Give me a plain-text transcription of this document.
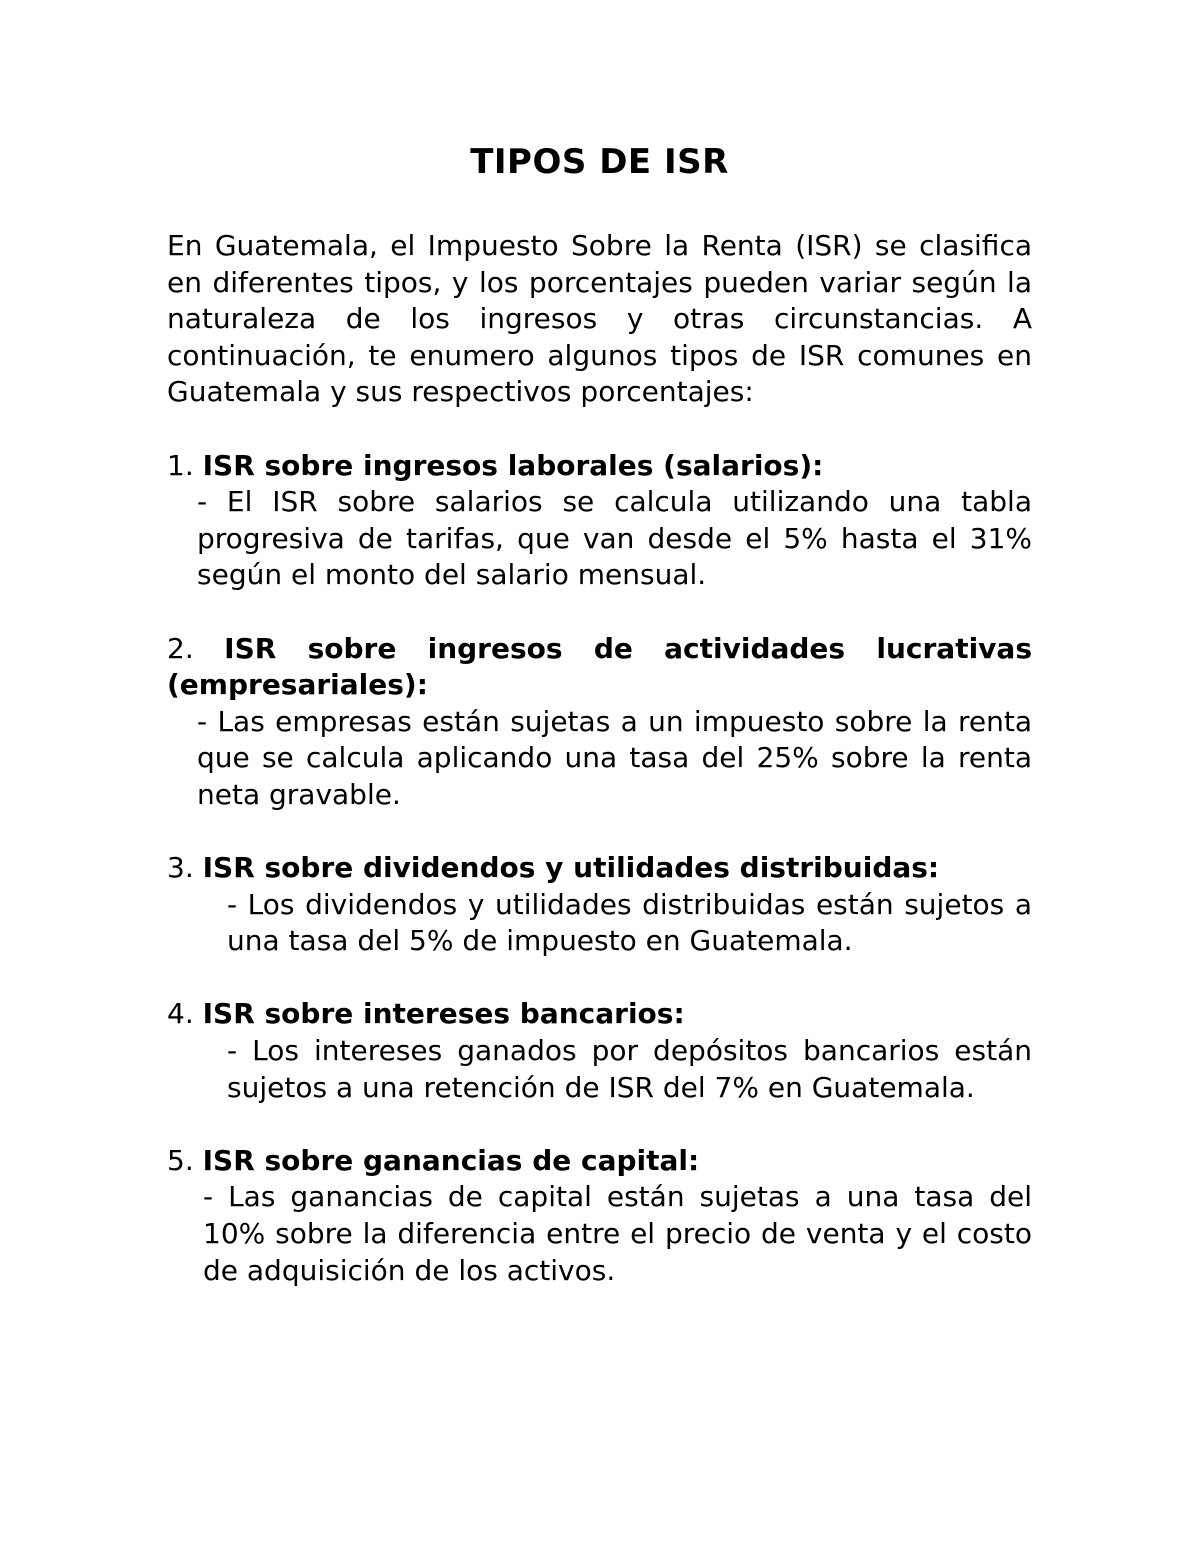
TIPOS DE ISR

En Guatemala, el Impuesto Sobre la Renta (ISR) se clasifica en diferentes tipos, y los porcentajes pueden variar según la naturaleza de los ingresos y otras circunstancias. A continuación, te enumero algunos tipos de ISR comunes en Guatemala y sus respectivos porcentajes:

1. ISR sobre ingresos laborales (salarios):

- El ISR sobre salarios se calcula utilizando una tabla progresiva de tarifas, que van desde el 5% hasta el 31% según el monto del salario mensual.

2. ISR sobre ingresos de actividades lucrativas (empresariales):

- Las empresas están sujetas a un impuesto sobre la renta que se calcula aplicando una tasa del 25% sobre la renta neta gravable.

3. ISR sobre dividendos y utilidades distribuidas:

- Los dividendos y utilidades distribuidas están sujetos a una tasa del 5% de impuesto en Guatemala.

4. ISR sobre intereses bancarios:

- Los intereses ganados por depósitos bancarios están sujetos a una retención de ISR del 7% en Guatemala.

5. ISR sobre ganancias de capital:

- Las ganancias de capital están sujetas a una tasa del 10% sobre la diferencia entre el precio de venta y el costo de adquisición de los activos.
